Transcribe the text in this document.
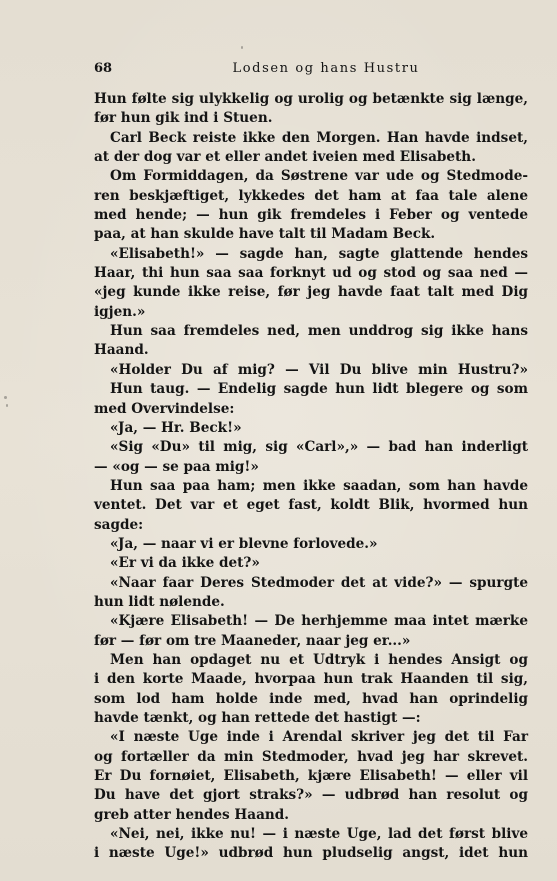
68	Lodsen og hans Hustru
Hun følte sig ulykkelig og urolig og betænkte sig længe,
før hun gik ind i Stuen.
Carl Beck reiste ikke den Morgen. Han havde indset,
at der dog var et eller andet iveien med Elisabeth.
Om Formiddagen, da Søstrene var ude og Stedmode-
ren beskjæftiget, lykkedes det ham at faa tale alene
med hende; — hun gik fremdeles i Feber og ventede
paa, at han skulde have talt til Madam Beck.
«Elisabeth!» — sagde han, sagte glattende hendes
Haar, thi hun saa saa forknyt ud og stod og saa ned —
«jeg kunde ikke reise, før jeg havde faat talt med Dig
igjen.»
Hun saa fremdeles ned, men unddrog sig ikke hans
Haand.
«Holder Du af mig? — Vil Du blive min Hustru?»
Hun taug. — Endelig sagde hun lidt blegere og som
med Overvindelse:
«Ja, — Hr. Beck!»
«Sig «Du» til mig, sig «Carl»,» — bad han inderligt
— «og — se paa mig!»
Hun saa paa ham; men ikke saadan, som han havde
ventet. Det var et eget fast, koldt Blik, hvormed hun
sagde:
«Ja, — naar vi er blevne forlovede.»
«Er vi da ikke det?»
«Naar faar Deres Stedmoder det at vide?» — spurgte
hun lidt nølende.
«Kjære Elisabeth! — De herhjemme maa intet mærke
før — før om tre Maaneder, naar jeg er...»
Men han opdaget nu et Udtryk i hendes Ansigt og
i den korte Maade, hvorpaa hun trak Haanden til sig,
som lod ham holde inde med, hvad han oprindelig
havde tænkt, og han rettede det hastigt —:
«I næste Uge inde i Arendal skriver jeg det til Far
og fortæller da min Stedmoder, hvad jeg har skrevet.
Er Du fornøiet, Elisabeth, kjære Elisabeth! — eller vil
Du have det gjort straks?» — udbrød han resolut og
greb atter hendes Haand.
«Nei, nei, ikke nu! — i næste Uge, lad det først blive
i næste Uge!» udbrød hun pludselig angst, idet hun
